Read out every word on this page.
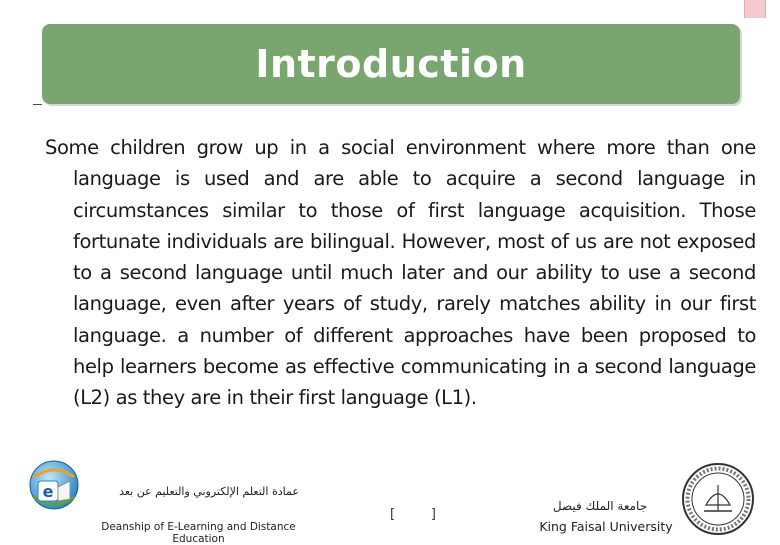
Introduction
Some children grow up in a social environment where more than one language is used and are able to acquire a second language in circumstances similar to those of first language acquisition. Those fortunate individuals are bilingual. However, most of us are not exposed to a second language until much later and our ability to use a second language, even after years of study, rarely matches ability in our first language. a number of different approaches have been proposed to help learners become as effective communicating in a second language (L2) as they are in their first language (L1).
e	عمادة التعلم الإلكتروني والتعليم عن بعد
Deanship of E-Learning and Distance Education
[	]
جامعة الملك فيصل
King Faisal University
